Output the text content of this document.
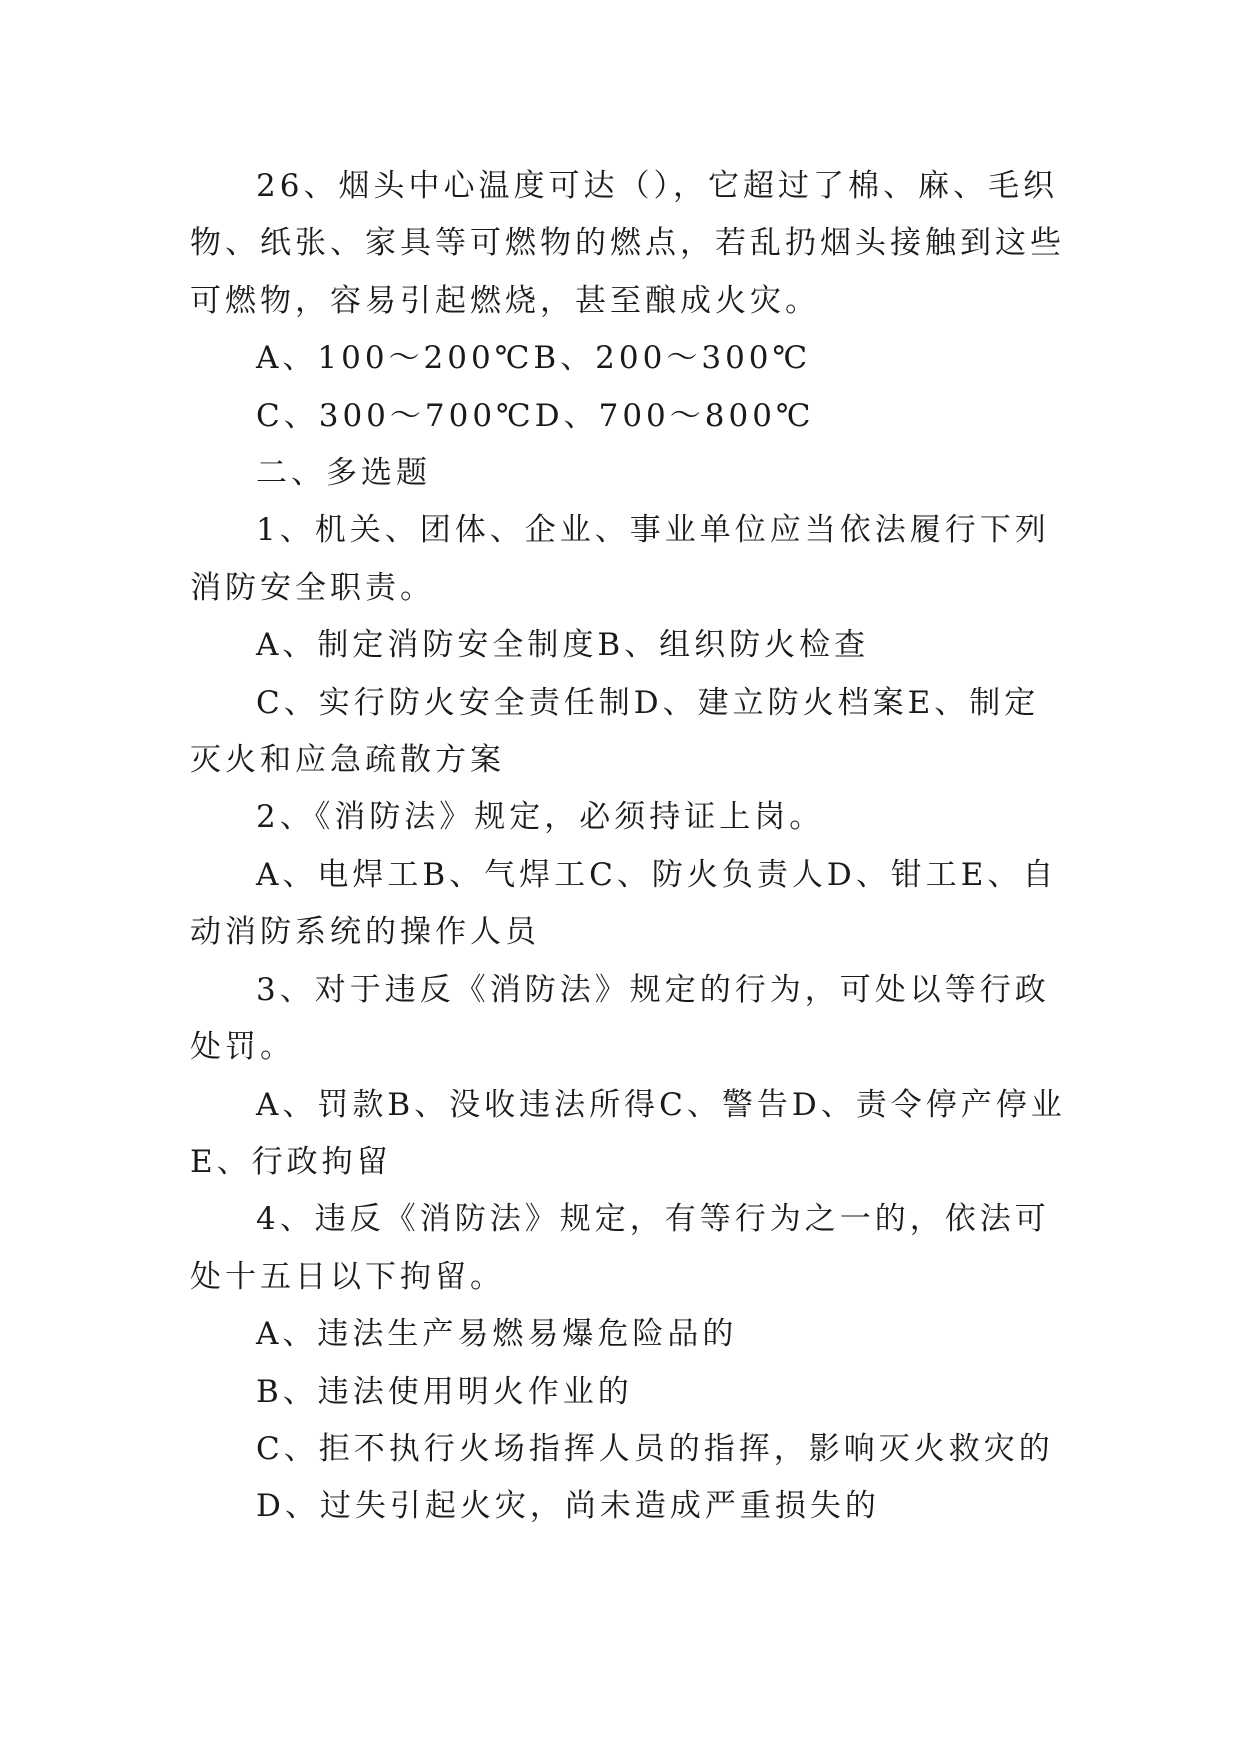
26、烟头中心温度可达（），它超过了棉、麻、毛织物、纸张、家具等可燃物的燃点，若乱扔烟头接触到这些可燃物，容易引起燃烧，甚至酿成火灾。

A、100～200℃B、200～300℃

C、300～700℃D、700～800℃

二、多选题

1、机关、团体、企业、事业单位应当依法履行下列消防安全职责。

A、制定消防安全制度B、组织防火检查

C、实行防火安全责任制D、建立防火档案E、制定灭火和应急疏散方案

2、《消防法》规定，必须持证上岗。

A、电焊工B、气焊工C、防火负责人D、钳工E、自动消防系统的操作人员

3、对于违反《消防法》规定的行为，可处以等行政处罚。

A、罚款B、没收违法所得C、警告D、责令停产停业E、行政拘留

4、违反《消防法》规定，有等行为之一的，依法可处十五日以下拘留。

A、违法生产易燃易爆危险品的

B、违法使用明火作业的

C、拒不执行火场指挥人员的指挥，影响灭火救灾的

D、过失引起火灾，尚未造成严重损失的
